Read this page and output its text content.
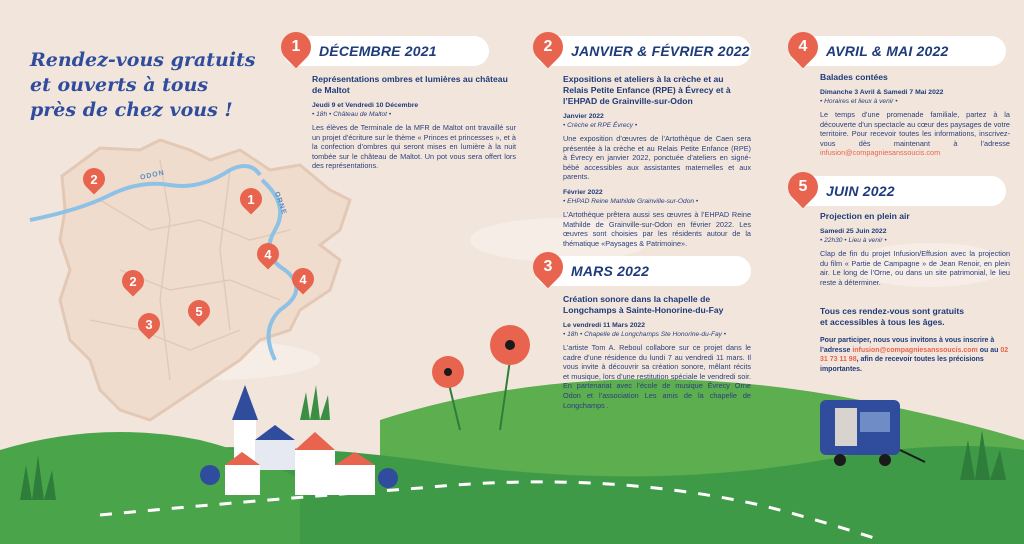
Rendez-vous gratuits
et ouverts à tous
près de chez vous !
ODON
ORNE
2
1
4
4
2
3
5
1	DÉCEMBRE 2021
Représentations ombres et lumières au château de Maltot
Jeudi 9 et Vendredi 10 Décembre
• 18h • Château de Maltot •
Les élèves de Terminale de la MFR de Maltot ont travaillé sur un projet d’écriture sur le thème « Princes et princesses », et à la confection d’ombres qui seront mises en lumière à la nuit tombée sur le château de Maltot. Un pot vous sera offert lors des représentations.
2	JANVIER & FÉVRIER 2022
Expositions et ateliers à la crèche et au Relais Petite Enfance (RPE) à Évrecy et à l’EHPAD de Grainville-sur-Odon
Janvier 2022
• Crèche et RPE Évrecy •
Une exposition d’œuvres de l’Artothèque de Caen sera présentée à la crèche et au Relais Petite Enfance (RPE) à Évrecy en janvier 2022, ponctuée d’ateliers en signé-bébé accessibles aux assistantes maternelles et aux parents.
Février 2022
• EHPAD Reine Mathilde Grainville-sur-Odon •
L’Artothèque prêtera aussi ses œuvres à l’EHPAD Reine Mathilde de Grainville-sur-Odon en février 2022. Les œuvres sont choisies par les résidents autour de la thématique «Paysages & Patrimoine».
3	MARS 2022
Création sonore dans la chapelle de Longchamps à Sainte-Honorine-du-Fay
Le vendredi 11 Mars 2022
• 18h • Chapelle de Longchamps Ste Honorine-du-Fay •
L’artiste Tom A. Reboul collabore sur ce projet dans le cadre d’une résidence du lundi 7 au vendredi 11 mars. Il vous invite à découvrir sa création sonore, mêlant récits et musique, lors d’une restitution spéciale le vendredi soir. En partenariat avec l’école de musique Évrecy Orne Odon et l’association Les amis de la chapelle de Longchamps .
4	AVRIL & MAI 2022
Balades contées
Dimanche 3 Avril & Samedi 7 Mai 2022
• Horaires et lieux à venir •
Le temps d’une promenade familiale, partez à la découverte d’un spectacle au cœur des paysages de votre territoire. Pour recevoir toutes les informations, inscrivez-vous dès maintenant à l’adresse infusion@compagniesanssoucis.com
5	JUIN 2022
Projection en plein air
Samedi 25 Juin 2022
• 22h30 • Lieu à venir •
Clap de fin du projet Infusion/Effusion avec la projection du film « Partie de Campagne » de Jean Renoir, en plein air. Le long de l’Orne, ou dans un site patrimonial, le lieu reste à déterminer.
Tous ces rendez-vous sont gratuits
et accessibles à tous les âges.
Pour participer, nous vous invitons à vous inscrire à l’adresse infusion@compagniesanssoucis.com ou au 02 31 73 11 98, afin de recevoir toutes les précisions importantes.
